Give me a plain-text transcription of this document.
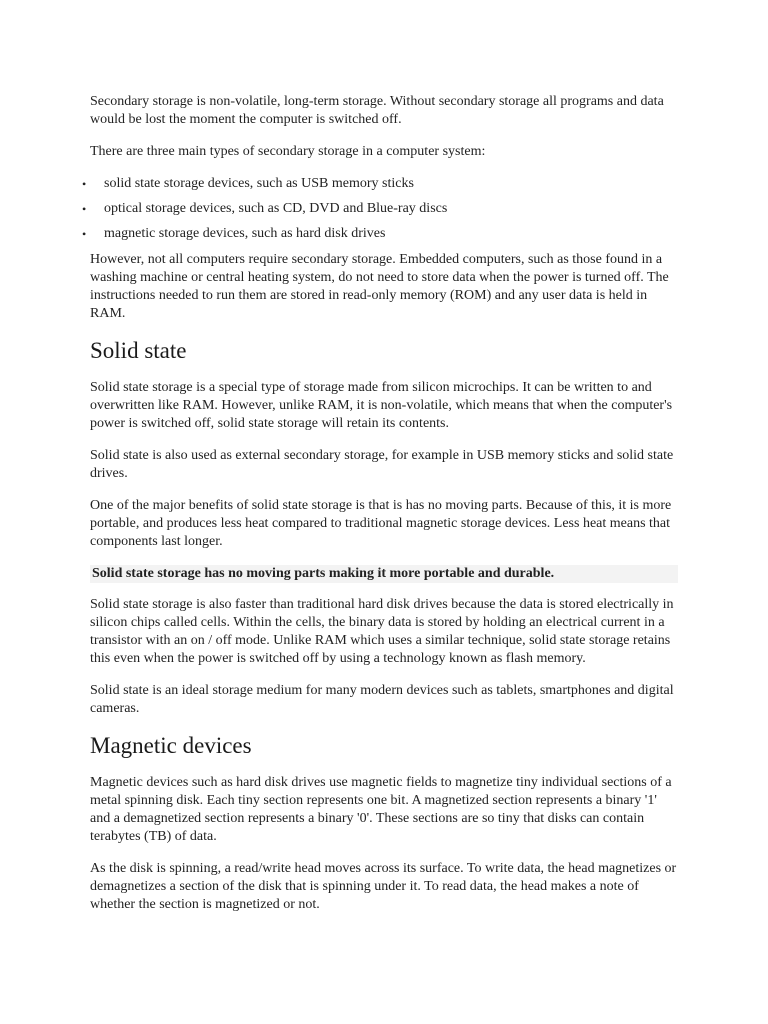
Secondary storage is non-volatile, long-term storage. Without secondary storage all programs and data would be lost the moment the computer is switched off.

There are three main types of secondary storage in a computer system:

• solid state storage devices, such as USB memory sticks
• optical storage devices, such as CD, DVD and Blue-ray discs
• magnetic storage devices, such as hard disk drives

However, not all computers require secondary storage. Embedded computers, such as those found in a washing machine or central heating system, do not need to store data when the power is turned off. The instructions needed to run them are stored in read-only memory (ROM) and any user data is held in RAM.

Solid state

Solid state storage is a special type of storage made from silicon microchips. It can be written to and overwritten like RAM. However, unlike RAM, it is non-volatile, which means that when the computer's power is switched off, solid state storage will retain its contents.

Solid state is also used as external secondary storage, for example in USB memory sticks and solid state drives.

One of the major benefits of solid state storage is that is has no moving parts. Because of this, it is more portable, and produces less heat compared to traditional magnetic storage devices. Less heat means that components last longer.

Solid state storage has no moving parts making it more portable and durable.

Solid state storage is also faster than traditional hard disk drives because the data is stored electrically in silicon chips called cells. Within the cells, the binary data is stored by holding an electrical current in a transistor with an on / off mode. Unlike RAM which uses a similar technique, solid state storage retains this even when the power is switched off by using a technology known as flash memory.

Solid state is an ideal storage medium for many modern devices such as tablets, smartphones and digital cameras.

Magnetic devices

Magnetic devices such as hard disk drives use magnetic fields to magnetize tiny individual sections of a metal spinning disk. Each tiny section represents one bit. A magnetized section represents a binary '1' and a demagnetized section represents a binary '0'. These sections are so tiny that disks can contain terabytes (TB) of data.

As the disk is spinning, a read/write head moves across its surface. To write data, the head magnetizes or demagnetizes a section of the disk that is spinning under it. To read data, the head makes a note of whether the section is magnetized or not.
